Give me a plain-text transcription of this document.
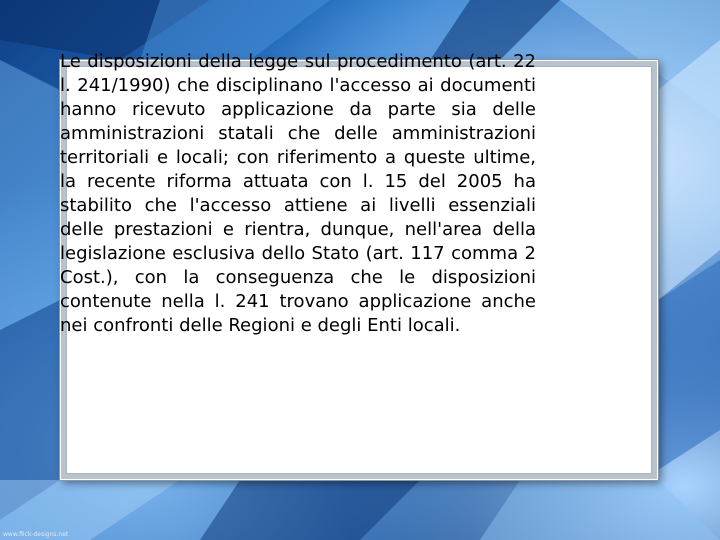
Le disposizioni della legge sul procedimento (art. 22 l. 241/1990) che disciplinano l'accesso ai documenti hanno ricevuto applicazione da parte sia delle amministrazioni statali che delle amministrazioni territoriali e locali; con riferimento a queste ultime, la recente riforma attuata con l. 15 del 2005 ha stabilito che l'accesso attiene ai livelli essenziali delle prestazioni e rientra, dunque, nell'area della legislazione esclusiva dello Stato (art. 117 comma 2 Cost.), con la conseguenza che le disposizioni contenute nella l. 241 trovano applicazione anche nei confronti delle Regioni e degli Enti locali.

www.flick-designs.net
